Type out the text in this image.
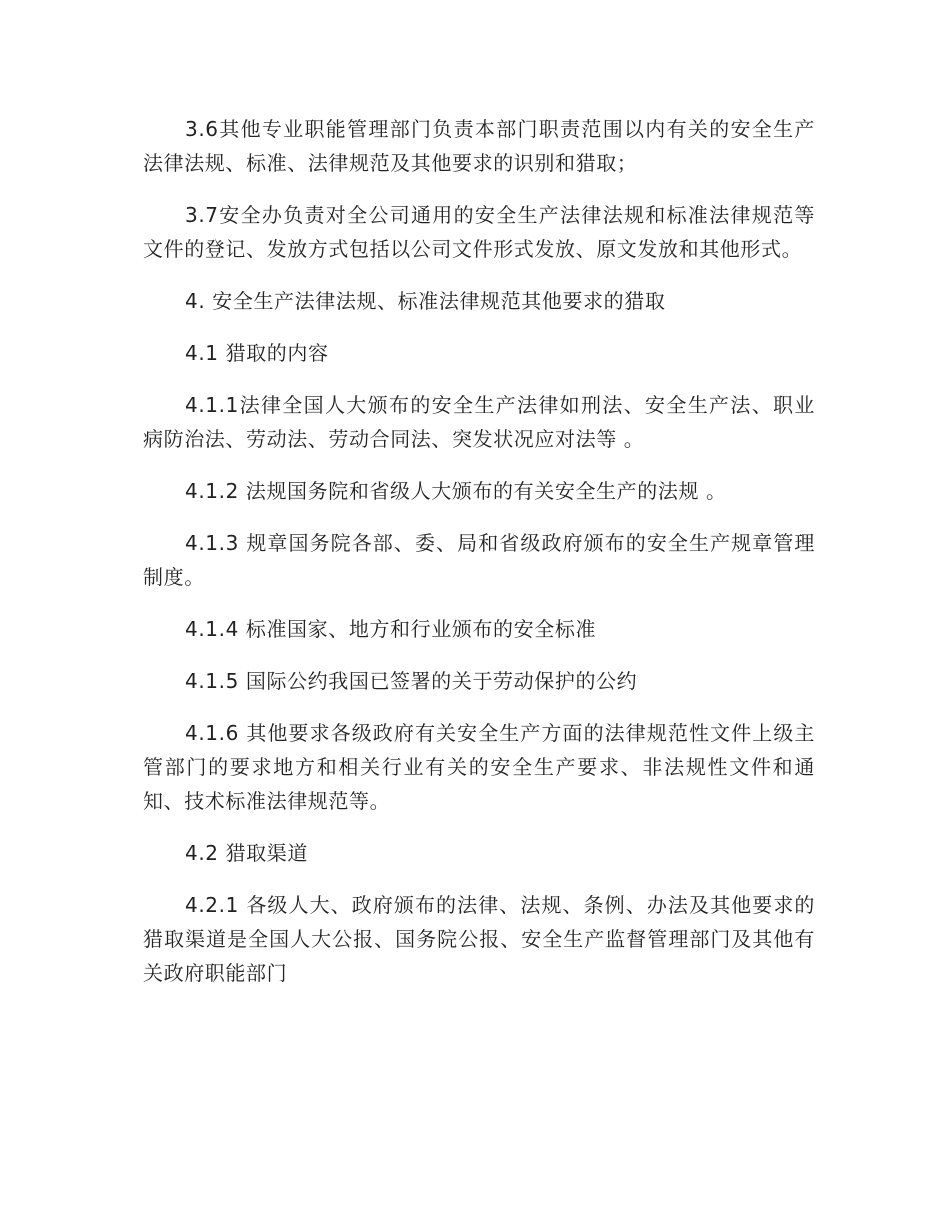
3.6其他专业职能管理部门负责本部门职责范围以内有关的安全生产法律法规、标准、法律规范及其他要求的识别和猎取；

3.7安全办负责对全公司通用的安全生产法律法规和标准法律规范等文件的登记、发放方式包括以公司文件形式发放、原文发放和其他形式。

4. 安全生产法律法规、标准法律规范其他要求的猎取

4.1 猎取的内容

4.1.1法律全国人大颁布的安全生产法律如刑法、安全生产法、职业病防治法、劳动法、劳动合同法、突发状况应对法等 。

4.1.2 法规国务院和省级人大颁布的有关安全生产的法规 。

4.1.3 规章国务院各部、委、局和省级政府颁布的安全生产规章管理制度。

4.1.4 标准国家、地方和行业颁布的安全标准

4.1.5 国际公约我国已签署的关于劳动保护的公约

4.1.6 其他要求各级政府有关安全生产方面的法律规范性文件上级主管部门的要求地方和相关行业有关的安全生产要求、非法规性文件和通知、技术标准法律规范等。

4.2 猎取渠道

4.2.1 各级人大、政府颁布的法律、法规、条例、办法及其他要求的猎取渠道是全国人大公报、国务院公报、安全生产监督管理部门及其他有关政府职能部门
